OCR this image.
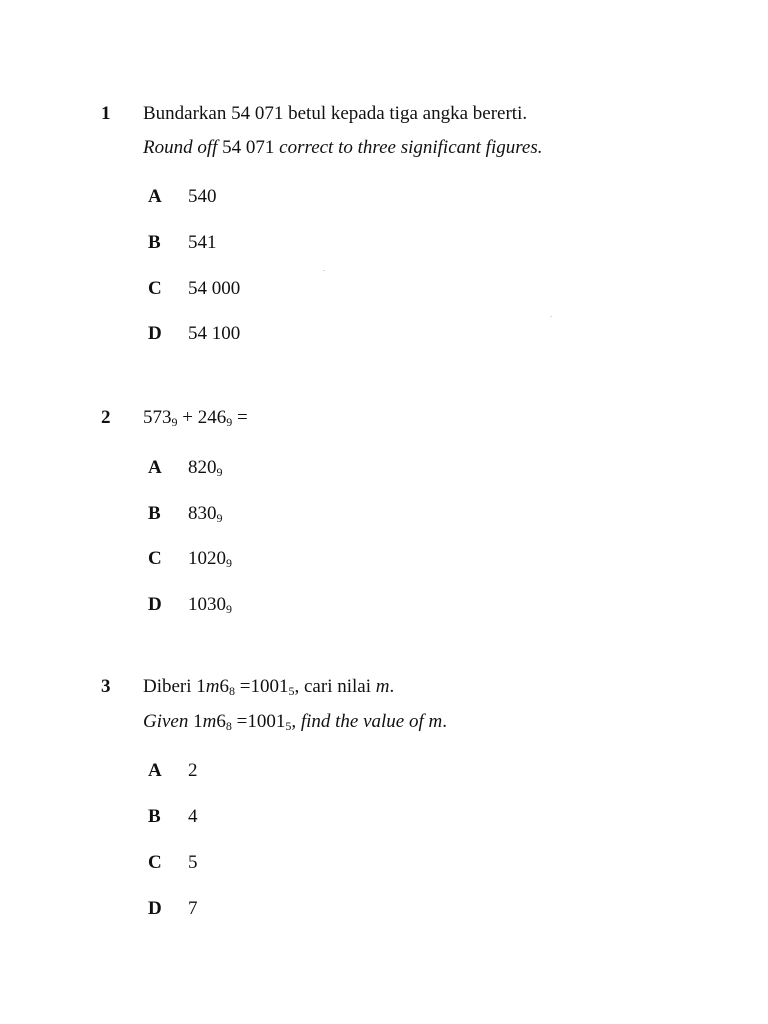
1 Bundarkan 54 071 betul kepada tiga angka bererti.
Round off 54 071 correct to three significant figures.
A 540
B 541
C 54 000
D 54 100
2 $573_9 + 246_9$ =
A $820_9$
B $830_9$
C $1020_9$
D $1030_9$
3 Diberi $1m6_8 =1001_5$, cari nilai m.
Given $1m6_8 =1001_5$, find the value of m.
A 2
B 4
C 5
D 7
